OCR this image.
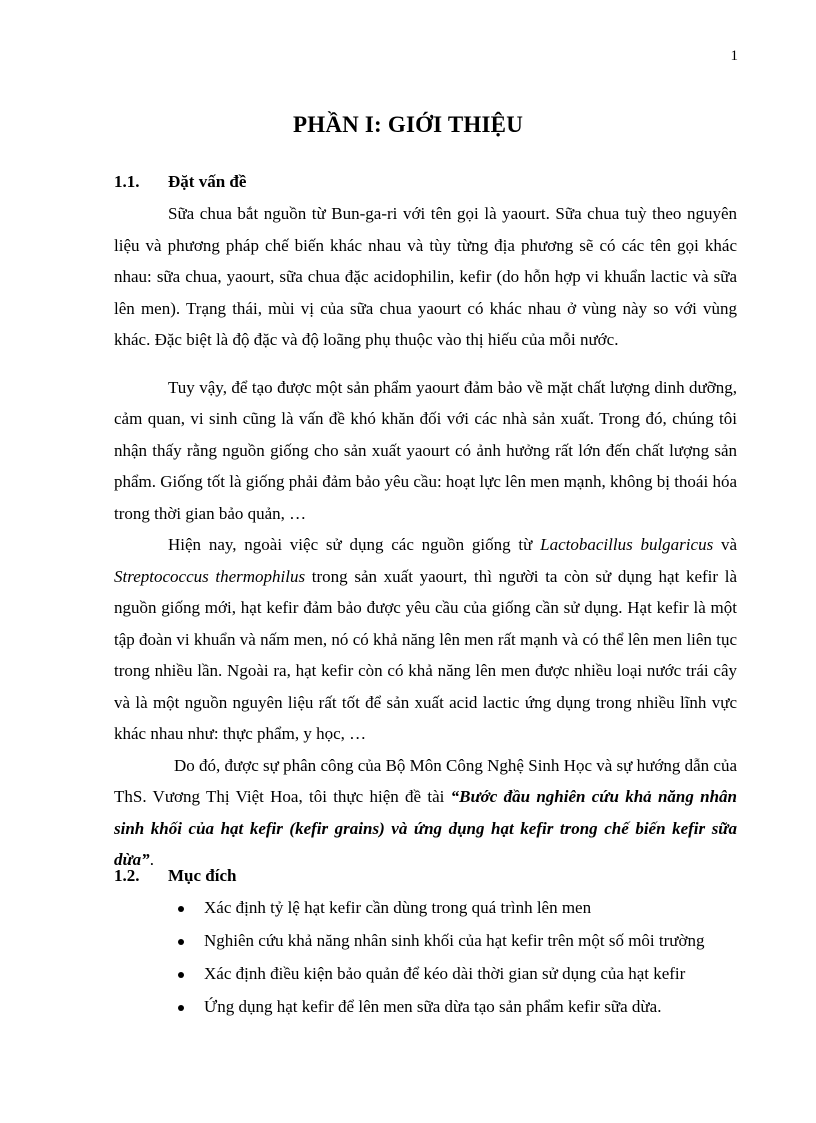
1
PHẦN I: GIỚI THIỆU
1.1. Đặt vấn đề

Sữa chua bắt nguồn từ Bun-ga-ri với tên gọi là yaourt. Sữa chua tuỳ theo nguyên liệu và phương pháp chế biến khác nhau và tùy từng địa phương sẽ có các tên gọi khác nhau: sữa chua, yaourt, sữa chua đặc acidophilin, kefir (do hỗn hợp vi khuẩn lactic và sữa lên men). Trạng thái, mùi vị của sữa chua yaourt có khác nhau ở vùng này so với vùng khác. Đặc biệt là độ đặc và độ loãng phụ thuộc vào thị hiếu của mỗi nước.

Tuy vậy, để tạo được một sản phẩm yaourt đảm bảo về mặt chất lượng dinh dưỡng, cảm quan, vi sinh cũng là vấn đề khó khăn đối với các nhà sản xuất. Trong đó, chúng tôi nhận thấy rằng nguồn giống cho sản xuất yaourt có ảnh hưởng rất lớn đến chất lượng sản phẩm. Giống tốt là giống phải đảm bảo yêu cầu: hoạt lực lên men mạnh, không bị thoái hóa trong thời gian bảo quản, …

Hiện nay, ngoài việc sử dụng các nguồn giống từ Lactobacillus bulgaricus và Streptococcus thermophilus trong sản xuất yaourt, thì người ta còn sử dụng hạt kefir là nguồn giống mới, hạt kefir đảm bảo được yêu cầu của giống cần sử dụng. Hạt kefir là một tập đoàn vi khuẩn và nấm men, nó có khả năng lên men rất mạnh và có thể lên men liên tục trong nhiều lần. Ngoài ra, hạt kefir còn có khả năng lên men được nhiều loại nước trái cây và là một nguồn nguyên liệu rất tốt để sản xuất acid lactic ứng dụng trong nhiều lĩnh vực khác nhau như: thực phẩm, y học, …

Do đó, được sự phân công của Bộ Môn Công Nghệ Sinh Học và sự hướng dẫn của ThS. Vương Thị Việt Hoa, tôi thực hiện đề tài “Bước đầu nghiên cứu khả năng nhân sinh khối của hạt kefir (kefir grains) và ứng dụng hạt kefir trong chế biến kefir sữa dừa”.

1.2. Mục đích
Xác định tỷ lệ hạt kefir cần dùng trong quá trình lên men
Nghiên cứu khả năng nhân sinh khối của hạt kefir trên một số môi trường
Xác định điều kiện bảo quản để kéo dài thời gian sử dụng của hạt kefir
Ứng dụng hạt kefir để lên men sữa dừa tạo sản phẩm kefir sữa dừa.
